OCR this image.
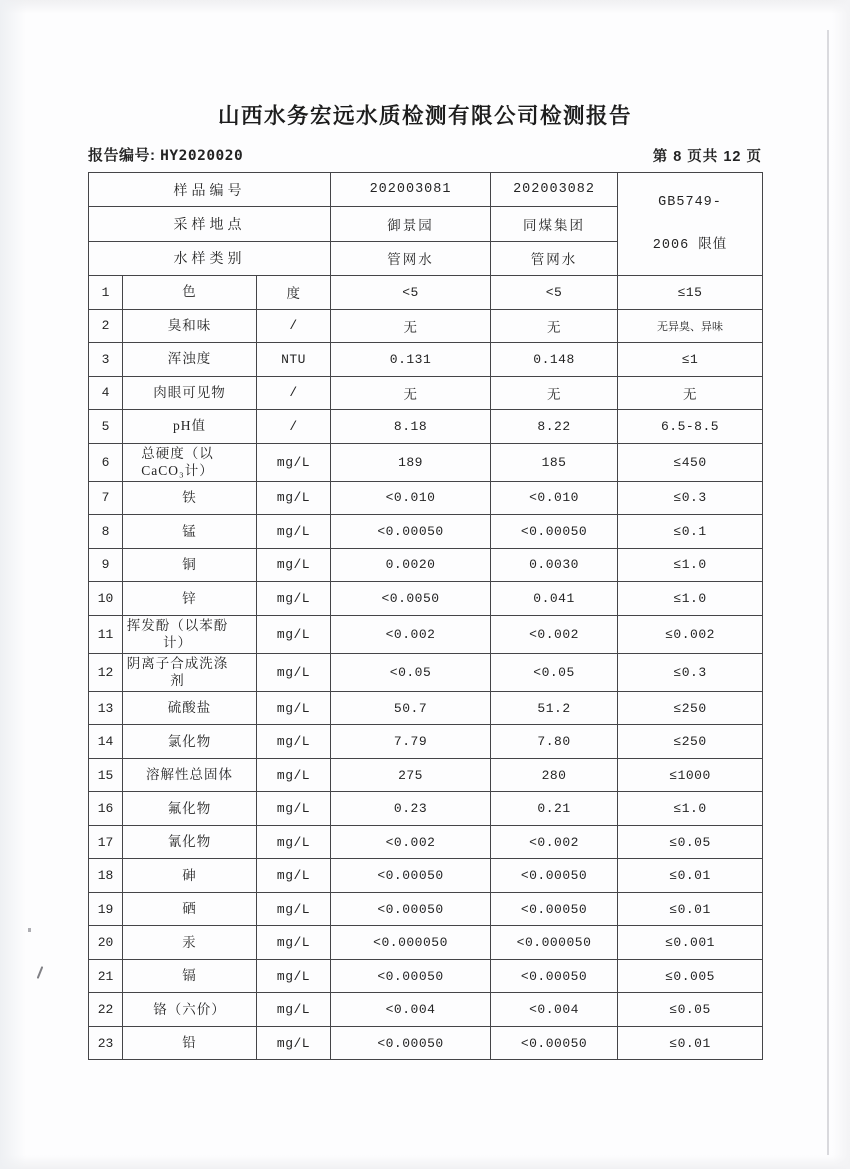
山西水务宏远水质检测有限公司检测报告
报告编号: HY2020020	第 8 页共 12 页
样品编号			202003081	202003082	GB5749-
2006 限值

采样地点			御景园	同煤集团	
水样类别			管网水	管网水	
1	色	度	<5	<5	≤15
2	臭和味	/	无	无	无异臭、异味
3	浑浊度	NTU	0.131	0.148	≤1
4	肉眼可见物	/	无	无	无
5	pH值	/	8.18	8.22	6.5-8.5
6	总硬度（以CaCO₃计）	mg/L	189	185	≤450
7	铁	mg/L	<0.010	<0.010	≤0.3
8	锰	mg/L	<0.00050	<0.00050	≤0.1
9	铜	mg/L	0.0020	0.0030	≤1.0
10	锌	mg/L	<0.0050	0.041	≤1.0
11	挥发酚（以苯酚计）	mg/L	<0.002	<0.002	≤0.002
12	阴离子合成洗涤剂	mg/L	<0.05	<0.05	≤0.3
13	硫酸盐	mg/L	50.7	51.2	≤250
14	氯化物	mg/L	7.79	7.80	≤250
15	溶解性总固体	mg/L	275	280	≤1000
16	氟化物	mg/L	0.23	0.21	≤1.0
17	氰化物	mg/L	<0.002	<0.002	≤0.05
18	砷	mg/L	<0.00050	<0.00050	≤0.01
19	硒	mg/L	<0.00050	<0.00050	≤0.01
20	汞	mg/L	<0.000050	<0.000050	≤0.001
21	镉	mg/L	<0.00050	<0.00050	≤0.005
22	铬（六价）	mg/L	<0.004	<0.004	≤0.05
23	铅	mg/L	<0.00050	<0.00050	≤0.01
